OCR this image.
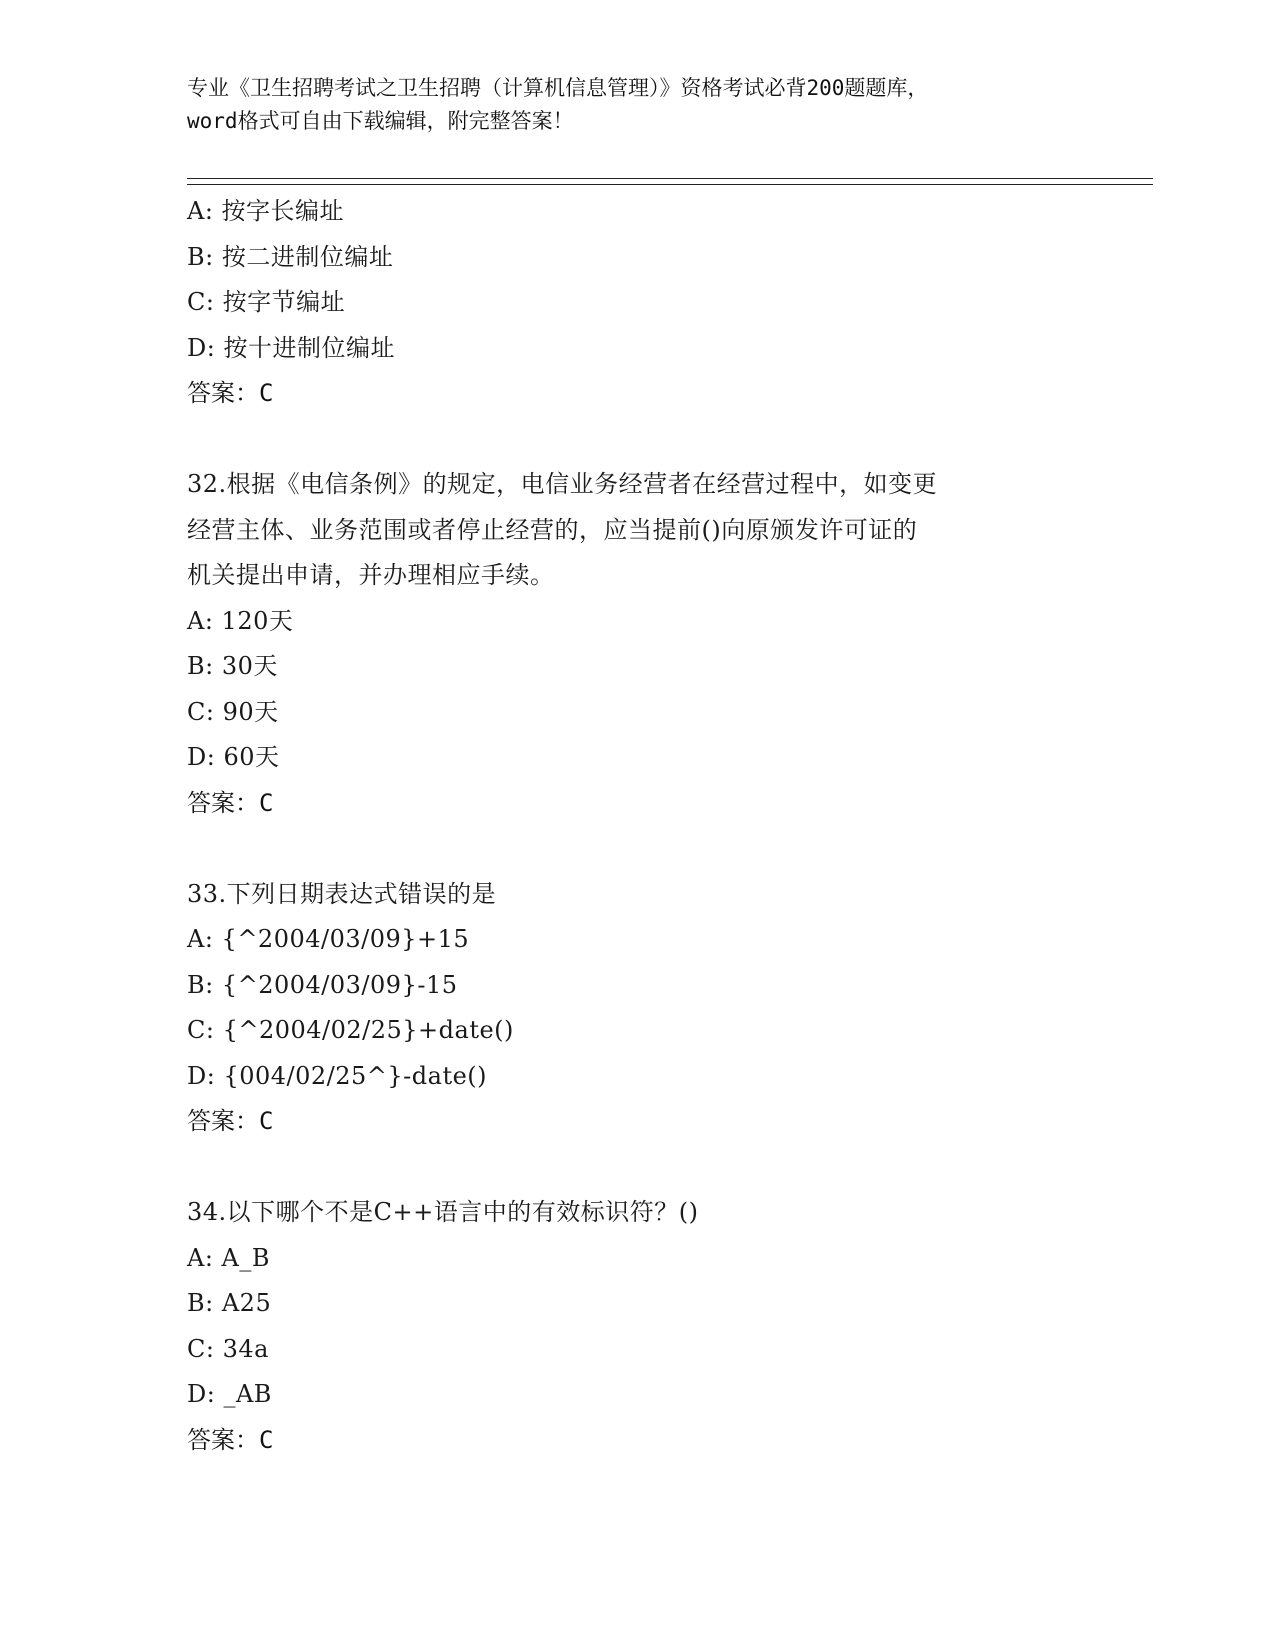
专业《卫生招聘考试之卫生招聘（计算机信息管理）》资格考试必背200题题库，
word格式可自由下载编辑，附完整答案！
A: 按字长编址
B: 按二进制位编址
C: 按字节编址
D: 按十进制位编址
答案：C
32.根据《电信条例》的规定，电信业务经营者在经营过程中，如变更
经营主体、业务范围或者停止经营的，应当提前()向原颁发许可证的
机关提出申请，并办理相应手续。
A: 120天
B: 30天
C: 90天
D: 60天
答案：C
33.下列日期表达式错误的是
A: {^2004/03/09}+15
B: {^2004/03/09}-15
C: {^2004/02/25}+date()
D: {004/02/25^}-date()
答案：C
34.以下哪个不是C++语言中的有效标识符？()
A: A_B
B: A25
C: 34a
D: _AB
答案：C
